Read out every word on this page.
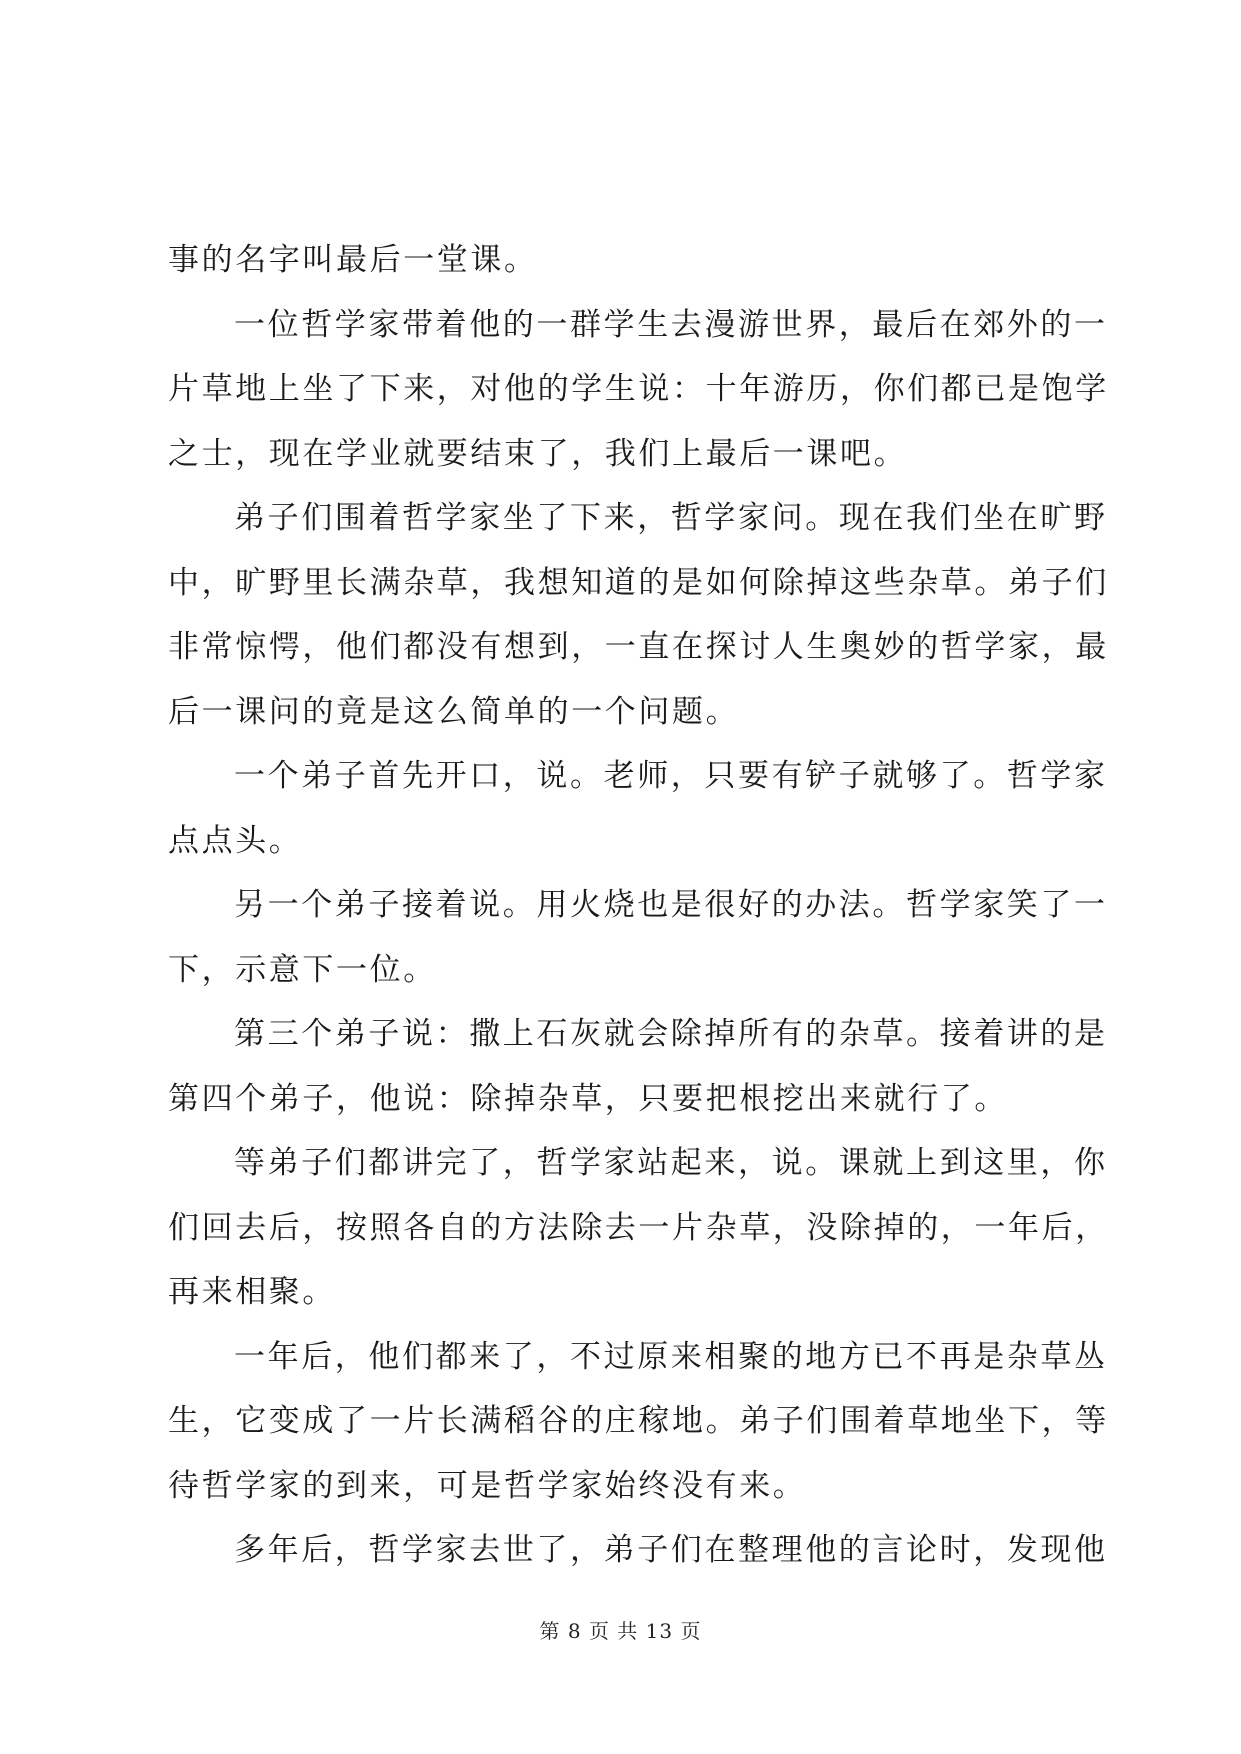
事的名字叫最后一堂课。
一位哲学家带着他的一群学生去漫游世界，最后在郊外的一
片草地上坐了下来，对他的学生说：十年游历，你们都已是饱学
之士，现在学业就要结束了，我们上最后一课吧。
弟子们围着哲学家坐了下来，哲学家问。现在我们坐在旷野
中，旷野里长满杂草，我想知道的是如何除掉这些杂草。弟子们
非常惊愕，他们都没有想到，一直在探讨人生奥妙的哲学家，最
后一课问的竟是这么简单的一个问题。
一个弟子首先开口，说。老师，只要有铲子就够了。哲学家
点点头。
另一个弟子接着说。用火烧也是很好的办法。哲学家笑了一
下，示意下一位。
第三个弟子说：撒上石灰就会除掉所有的杂草。接着讲的是
第四个弟子，他说：除掉杂草，只要把根挖出来就行了。
等弟子们都讲完了，哲学家站起来，说。课就上到这里，你
们回去后，按照各自的方法除去一片杂草，没除掉的，一年后，
再来相聚。
一年后，他们都来了，不过原来相聚的地方已不再是杂草丛
生，它变成了一片长满稻谷的庄稼地。弟子们围着草地坐下，等
待哲学家的到来，可是哲学家始终没有来。
多年后，哲学家去世了，弟子们在整理他的言论时，发现他
第 8 页 共 13 页
